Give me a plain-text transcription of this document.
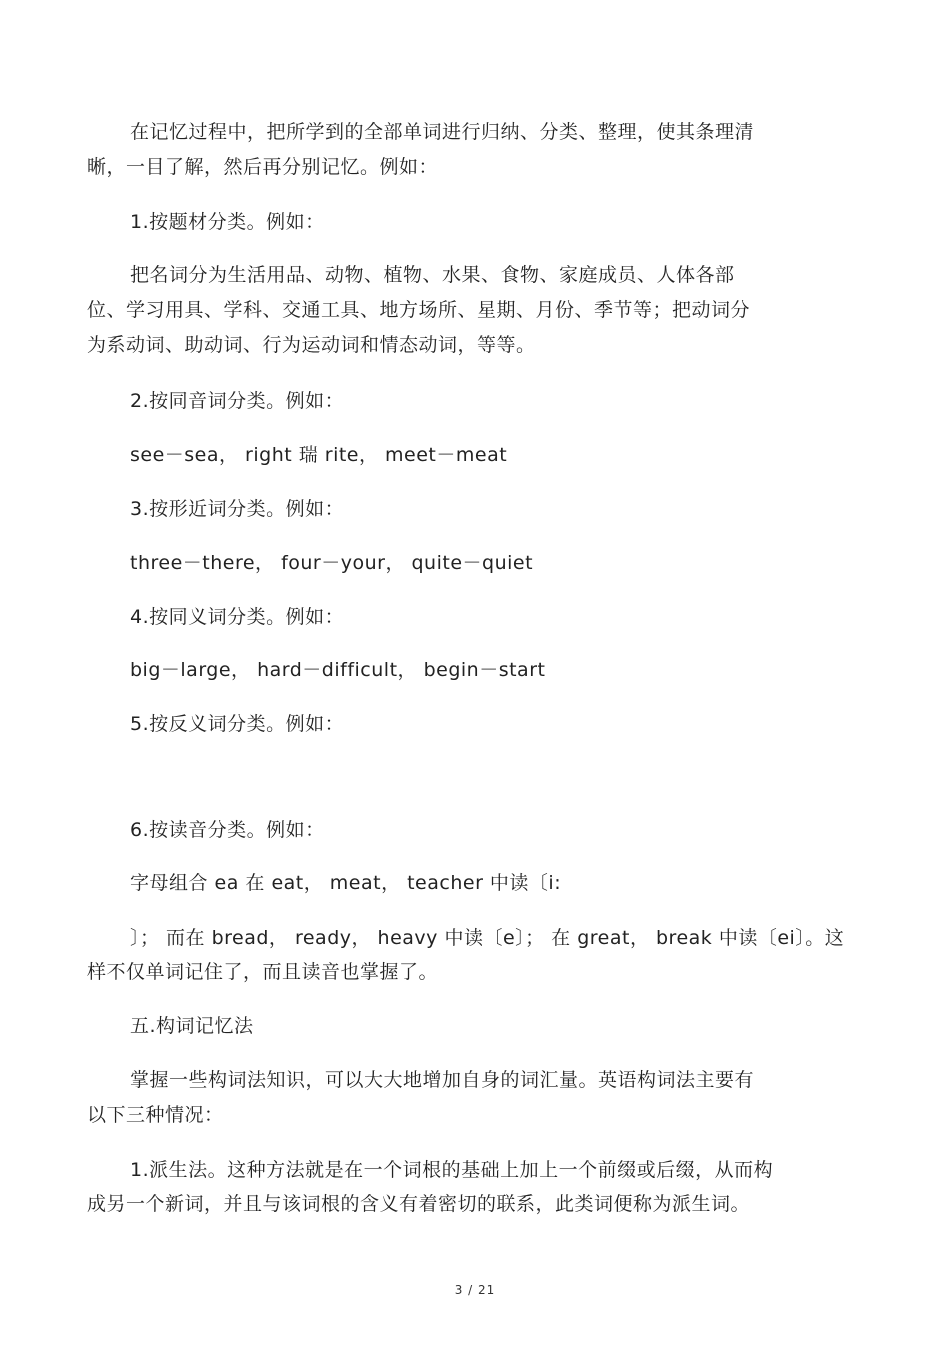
在记忆过程中，把所学到的全部单词进行归纳、分类、整理，使其条理清
晰，一目了解，然后再分别记忆。例如：
1.按题材分类。例如：
把名词分为生活用品、动物、植物、水果、食物、家庭成员、人体各部
位、学习用具、学科、交通工具、地方场所、星期、月份、季节等；把动词分
为系动词、助动词、行为运动词和情态动词，等等。
2.按同音词分类。例如：
see－sea， right 瑞 rite， meet－meat
3.按形近词分类。例如：
three－there， four－your， quite－quiet
4.按同义词分类。例如：
big－large， hard－difficult， begin－start
5.按反义词分类。例如：
6.按读音分类。例如：
字母组合 ea 在 eat， meat， teacher 中读〔i:
〕； 而在 bread， ready， heavy 中读〔e〕； 在 great， break 中读〔ei〕。这
样不仅单词记住了，而且读音也掌握了。
五.构词记忆法
掌握一些构词法知识，可以大大地增加自身的词汇量。英语构词法主要有
以下三种情况：
1.派生法。这种方法就是在一个词根的基础上加上一个前缀或后缀，从而构
成另一个新词，并且与该词根的含义有着密切的联系，此类词便称为派生词。
3 / 21
